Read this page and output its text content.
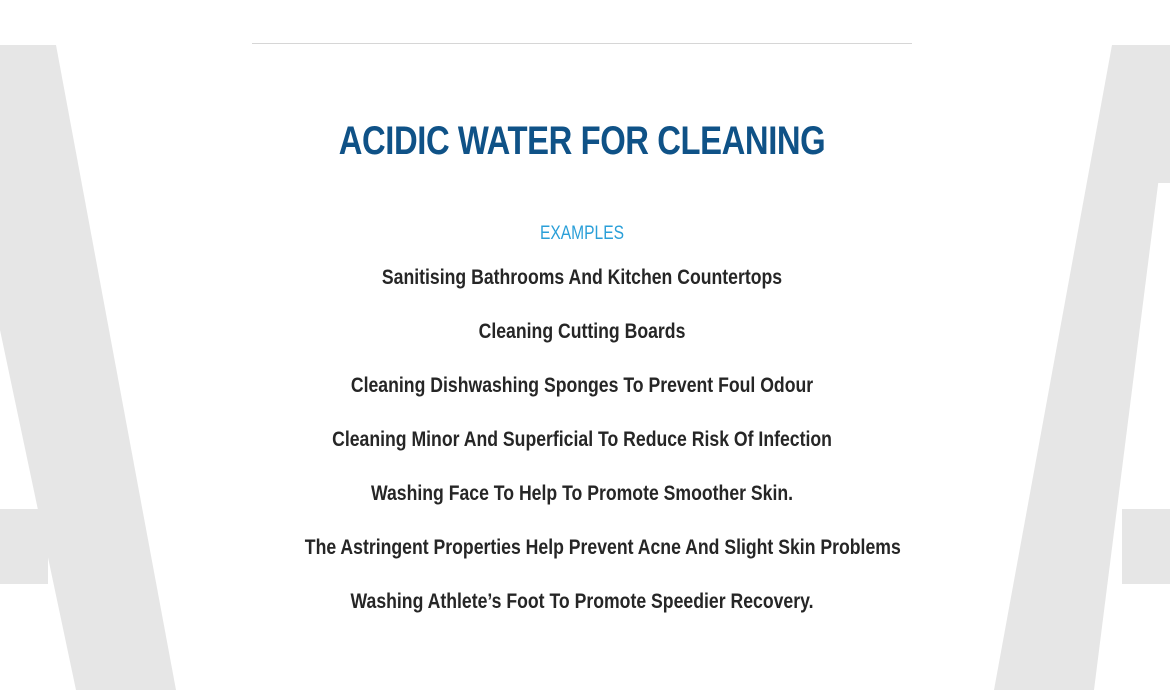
ACIDIC WATER FOR CLEANING
EXAMPLES
Sanitising Bathrooms And Kitchen Countertops
Cleaning Cutting Boards
Cleaning Dishwashing Sponges To Prevent Foul Odour
Cleaning Minor And Superficial To Reduce Risk Of Infection
Washing Face To Help To Promote Smoother Skin.
The Astringent Properties Help Prevent Acne And Slight Skin Problems
Washing Athlete’s Foot To Promote Speedier Recovery.
